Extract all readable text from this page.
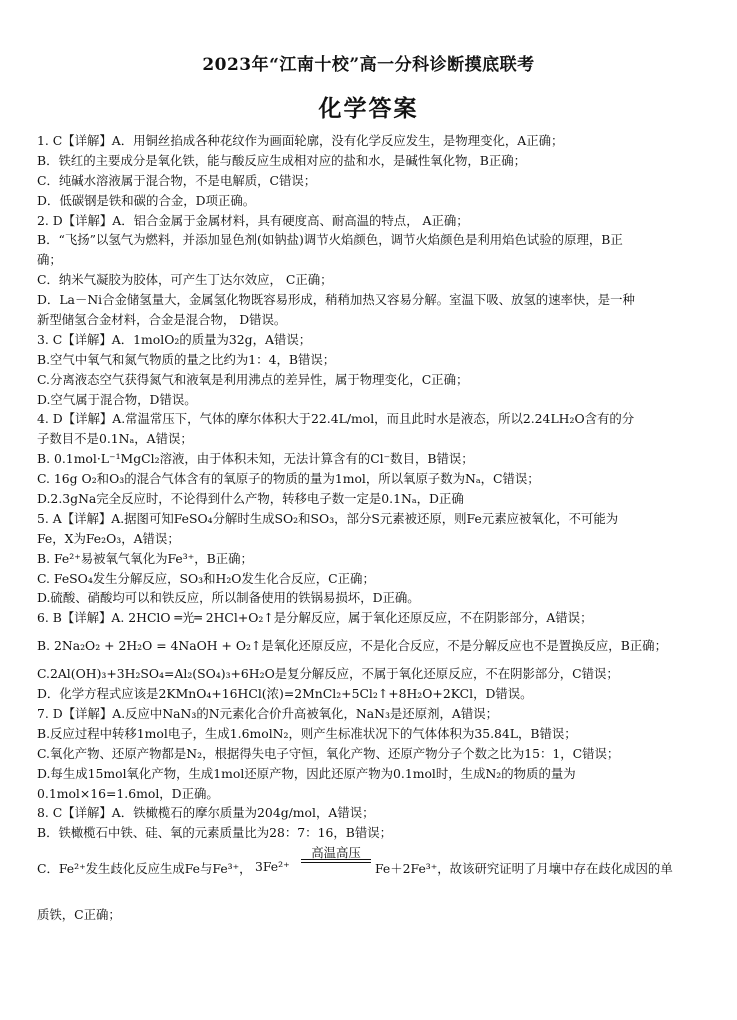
2023年“江南十校”高一分科诊断摸底联考
化学答案
1. C【详解】A．用铜丝掐成各种花纹作为画面轮廓，没有化学反应发生，是物理变化，A正确；
B．铁红的主要成分是氧化铁，能与酸反应生成相对应的盐和水，是碱性氧化物，B正确；
C．纯碱水溶液属于混合物，不是电解质，C错误；
D．低碳钢是铁和碳的合金，D项正确。
2. D【详解】A．铝合金属于金属材料，具有硬度高、耐高温的特点， A正确；
B．“飞扬”以氢气为燃料，并添加显色剂(如钠盐)调节火焰颜色，调节火焰颜色是利用焰色试验的原理，B正
确；
C．纳米气凝胶为胶体，可产生丁达尔效应， C正确；
D．La－Ni合金储氢量大，金属氢化物既容易形成，稍稍加热又容易分解。室温下吸、放氢的速率快，是一种
新型储氢合金材料，合金是混合物， D错误。
3. C【详解】A．1molO₂的质量为32g，A错误；
B.空气中氧气和氮气物质的量之比约为1：4，B错误；
C.分离液态空气获得氮气和液氧是利用沸点的差异性，属于物理变化，C正确；
D.空气属于混合物，D错误。
4. D【详解】A.常温常压下，气体的摩尔体积大于22.4L/mol，而且此时水是液态，所以2.24LH₂O含有的分
子数目不是0.1Nₐ，A错误；
B. 0.1mol·L⁻¹MgCl₂溶液，由于体积未知，无法计算含有的Cl⁻数目，B错误；
C. 16g O₂和O₃的混合气体含有的氧原子的物质的量为1mol，所以氧原子数为Nₐ，C错误；
D.2.3gNa完全反应时，不论得到什么产物，转移电子数一定是0.1Nₐ，D正确
5. A【详解】A.据图可知FeSO₄分解时生成SO₂和SO₃，部分S元素被还原，则Fe元素应被氧化，不可能为
Fe，X为Fe₂O₃，A错误；
B. Fe²⁺易被氧气氧化为Fe³⁺，B正确；
C. FeSO₄发生分解反应，SO₃和H₂O发生化合反应，C正确；
D.硫酸、硝酸均可以和铁反应，所以制备使用的铁锅易损坏，D正确。
6. B【详解】A. 2HClO ═光═ 2HCl+O₂↑是分解反应，属于氧化还原反应，不在阴影部分，A错误；
B. 2Na₂O₂ + 2H₂O = 4NaOH + O₂↑是氧化还原反应，不是化合反应，不是分解反应也不是置换反应，B正确；
C.2Al(OH)₃+3H₂SO₄=Al₂(SO₄)₃+6H₂O是复分解反应，不属于氧化还原反应，不在阴影部分，C错误；
D．化学方程式应该是2KMnO₄+16HCl(浓)=2MnCl₂+5Cl₂↑+8H₂O+2KCl，D错误。
7. D【详解】A.反应中NaN₃的N元素化合价升高被氧化，NaN₃是还原剂，A错误；
B.反应过程中转移1mol电子，生成1.6molN₂，则产生标准状况下的气体体积为35.84L，B错误；
C.氧化产物、还原产物都是N₂，根据得失电子守恒，氧化产物、还原产物分子个数之比为15：1，C错误；
D.每生成15mol氧化产物，生成1mol还原产物，因此还原产物为0.1mol时，生成N₂的物质的量为
0.1mol×16=1.6mol，D正确。
8. C【详解】A．铁橄榄石的摩尔质量为204g/mol，A错误；
B．铁橄榄石中铁、硅、氧的元素质量比为28：7：16，B错误；
C．Fe²⁺发生歧化反应生成Fe与Fe³⁺， 3Fe²⁺
高温高压
Fe＋2Fe³⁺，故该研究证明了月壤中存在歧化成因的单
质铁，C正确；
